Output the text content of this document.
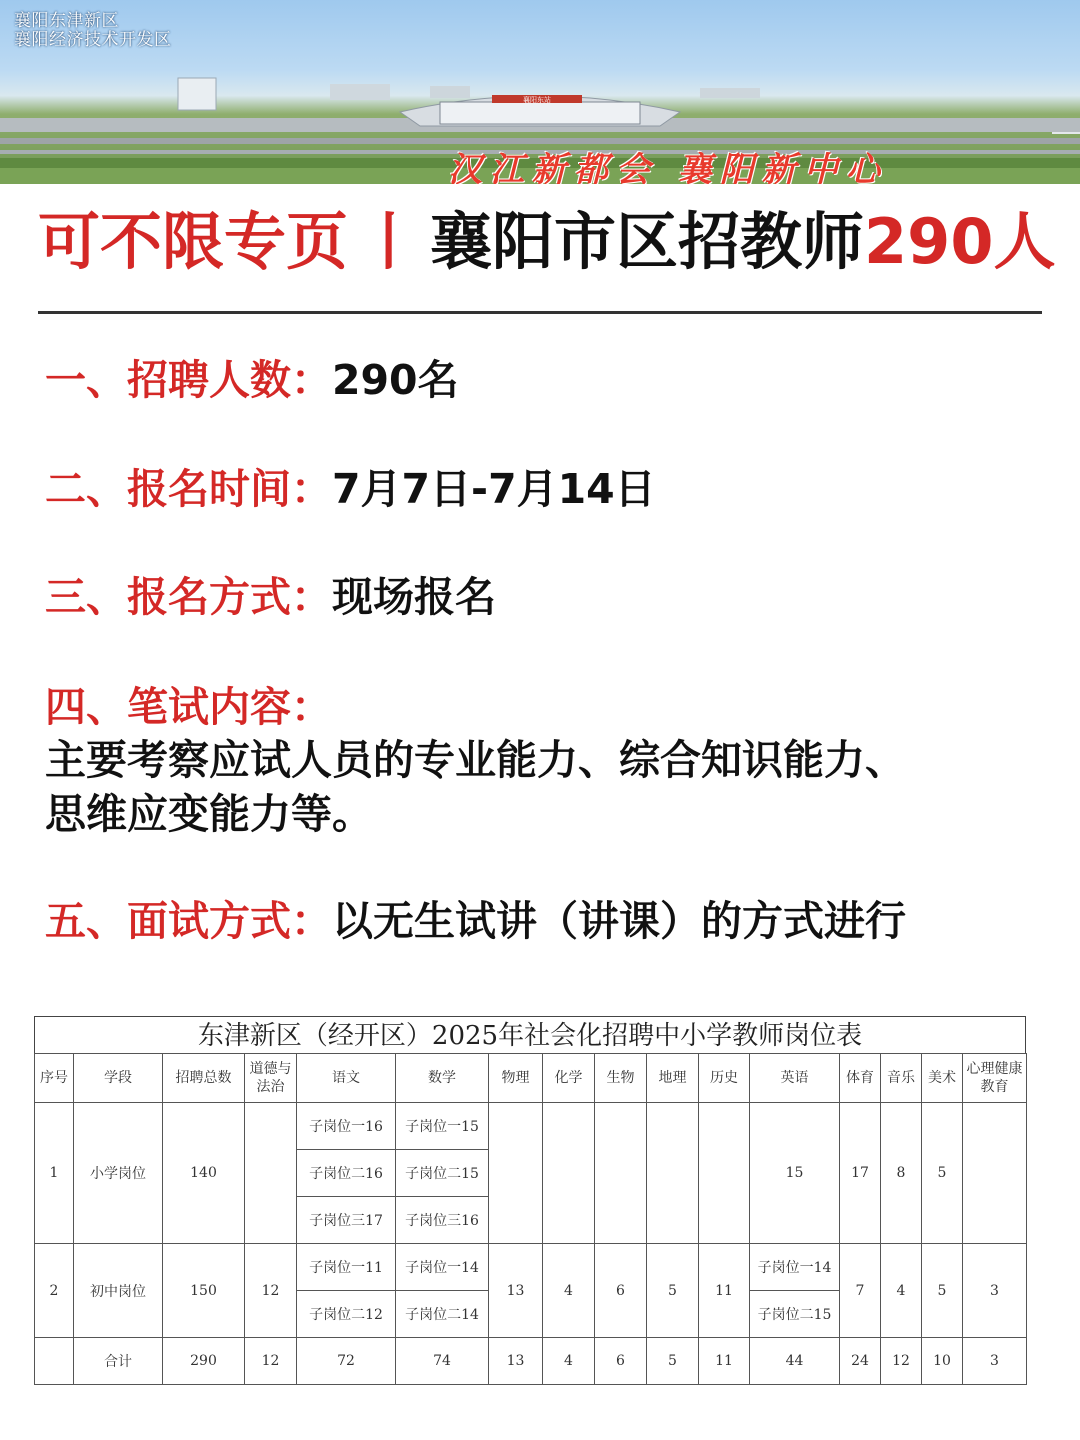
襄阳东站
襄阳东津新区
襄阳经济技术开发区
汉江新都会 襄阳新中心
可不限专页 丨 襄阳市区招教师290人
一、招聘人数：290名
二、报名时间：7月7日-7月14日
三、报名方式：现场报名
四、笔试内容：
主要考察应试人员的专业能力、综合知识能力、
思维应变能力等。
五、面试方式：以无生试讲（讲课）的方式进行
东津新区（经开区）2025年社会化招聘中小学教师岗位表
序号	学段	招聘总数	道德与法治	语文	数学	物理	化学	生物	地理	历史	英语	体育	音乐	美术	心理健康教育
1	小学岗位	140		子岗位一16	子岗位一15						15	17	8	5	
				子岗位二16	子岗位二15										
				子岗位三17	子岗位三16										
2	初中岗位	150	12	子岗位一11	子岗位一14	13	4	6	5	11	子岗位一14	7	4	5	3
				子岗位二12	子岗位二14						子岗位二15				
	合计	290	12	72	74	13	4	6	5	11	44	24	12	10	3
